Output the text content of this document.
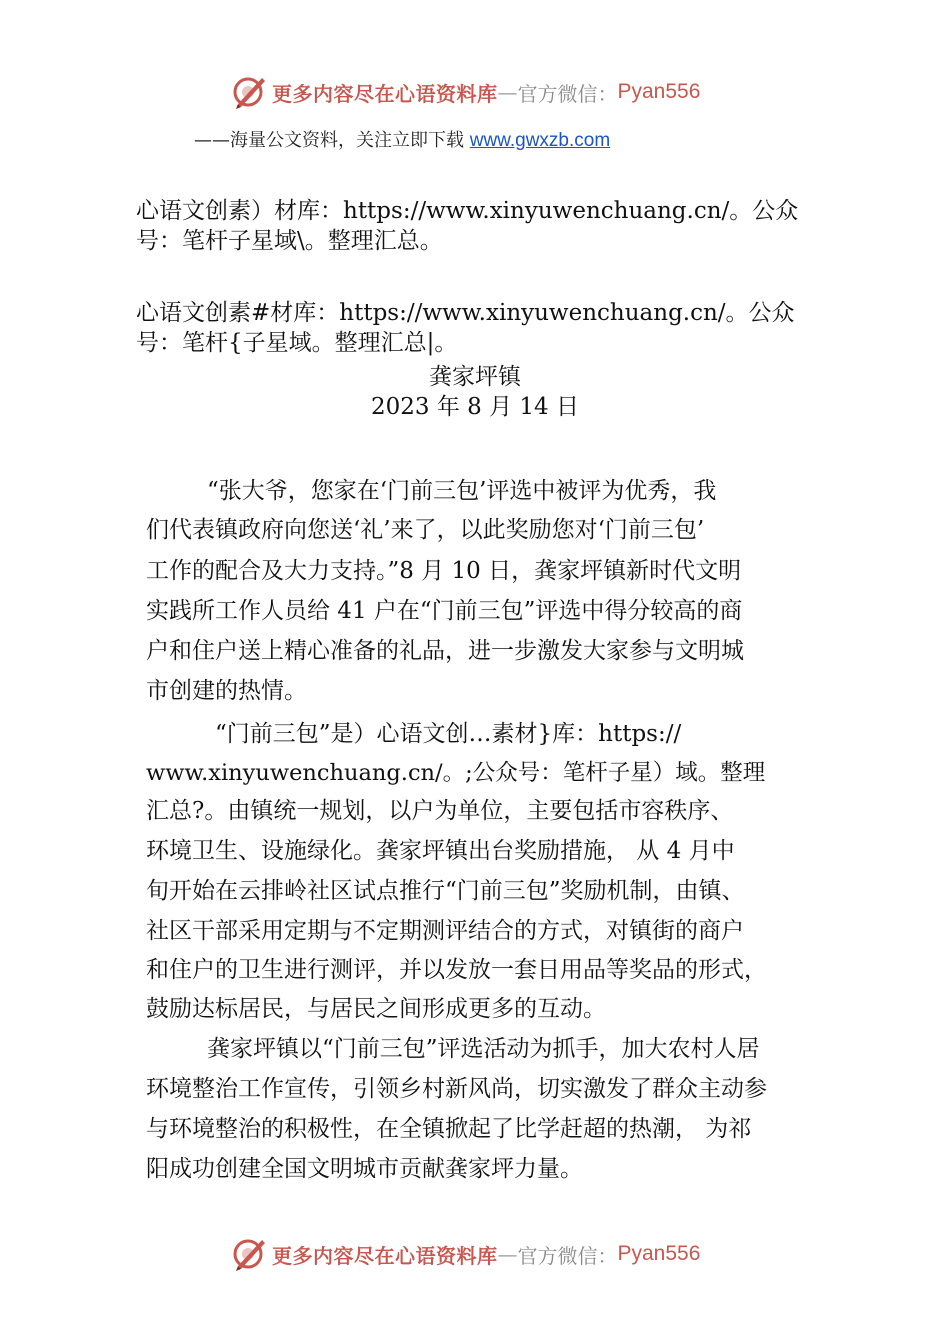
更多内容尽在心语资料库 — 官方微信： Pyan556
——海量公文资料，关注立即下载 www.gwxzb.com
心语文创素）材库：https://www.xinyuwenchuang.cn/。公众
号：笔杆子星域\。整理汇总。
心语文创素#材库：https://www.xinyuwenchuang.cn/。公众
号：笔杆{子星域。整理汇总|。
龚家坪镇
2023 年 8 月 14 日
“张大爷，您家在‘门前三包’评选中被评为优秀，我
们代表镇政府向您送‘礼’来了，以此奖励您对‘门前三包’
工作的配合及大力支持。”8 月 10 日，龚家坪镇新时代文明
实践所工作人员给 41 户在“门前三包”评选中得分较高的商
户和住户送上精心准备的礼品，进一步激发大家参与文明城
市创建的热情。
“门前三包”是）心语文创…素材}库：https://
www.xinyuwenchuang.cn/。;公众号：笔杆子星）域。整理
汇总?。由镇统一规划，以户为单位，主要包括市容秩序、
环境卫生、设施绿化。龚家坪镇出台奖励措施， 从 4 月中
旬开始在云排岭社区试点推行“门前三包”奖励机制，由镇、
社区干部采用定期与不定期测评结合的方式，对镇街的商户
和住户的卫生进行测评，并以发放一套日用品等奖品的形式，
鼓励达标居民，与居民之间形成更多的互动。
龚家坪镇以“门前三包”评选活动为抓手，加大农村人居
环境整治工作宣传，引领乡村新风尚，切实激发了群众主动参
与环境整治的积极性，在全镇掀起了比学赶超的热潮， 为祁
阳成功创建全国文明城市贡献龚家坪力量。
更多内容尽在心语资料库 — 官方微信： Pyan556
